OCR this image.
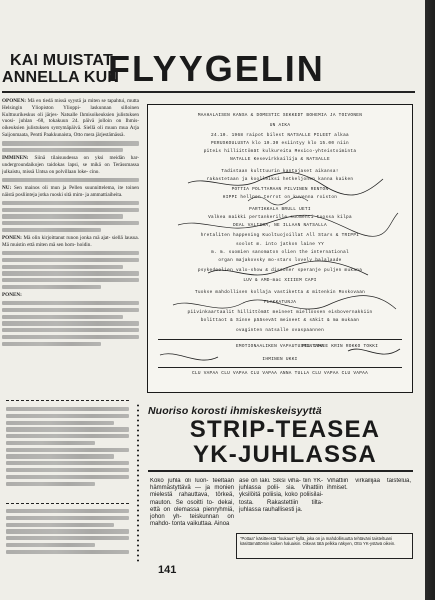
KAI MUISTAT
ANNELLA KUN
FLYYGELIN

OPONEN: Mä en tiedä missä syystä ja miten se tapahtui, mutta Helsingin Yliopiston Ylioppi- laskunnan silloinen Kulttuurikeskus oli järjes- Natsalle Ihmisoikeuksien julistuksen vuosi- juhlan -68, tokakuun 24. päivä jolloin on Ihmis- oikeuksien julistuksen syntymäpäivä. Siellä oli muun mua Arja Saijonmaata, Pentti Paakkunaista, Otto mera järjestämässä.

IMMINEN: Siinä tilaisuudessa on yksi meidän har- undergroundaikojen taidokas lapsi, se mikä on Terässmassa julkaistu, missä Untsa on polvillaan loke- cino.

NU: Sen mainos oli mun ja Pellen suunnittelema, ite toinen näistä posliinteja jotka ruoski sitä mim- ja ammattiaiheita.

PONEN: Mä olin kirjoittanut runon jonka mä ajat- siellä lausua. Mä muistin että miten mä sen hom- hoidin.

PONEN:

MAAHALAISEN KANSA & DOMESTIC SEKKEDT BOHEMIA JA TOIVONEN
UN AIKA
24.10. 1968 raipot bilest NATSALLE PILEET alkaa
PERUSKOULUSTA klo 19.30 esiintyy klo 15.00 niin
piteis hilliittömät kulkureita Mexico-yhteistoiminta
NATALLE Kesevirkkailija & NATSALLE
Tadistaan kulttuurin kantajaset aikansa!
rakastetaan ja koolleiksi hetkeljonen kanna kaiken
POTTIA POLTTAMAAN PILVINEN RENTON
HIPPI hellpen terrot on kuvenna roiston
PARTIKKALA BRULL UETI
Valkea maikki pertankerille suomenti tuossa kilpa
DEAL VALISSA, NE ILLAAN NATSALLA
hretaliten happening Kuoltuojoillat All Stars & TRIPPI
soolot m. into jatkon laine YY
m. m. suomien sanomaton olien the international
organ majakovsky mo-stars lovely balalaade
psykedeelien valo-show & disconer speranje puljen mukana
LUV & AMD-mac XIIIEM CAPI
Tuokse mahdollisen kollaja vastiketta & mitenkin Moskovaan
FLAKKATUNJA
piivinkaartaalit hillittömät meineet mielloosen eisbovernakkiin
bolittaot & Sinne pääsevät meineet & säkit & ma mukaan
ovaginten natsalle ovaspaannen
EMOTIONAALIKEN VAPAUTUSRINTAMA
PEL ISKEE KRIN ROKKO TOKKI
IHMINEN UKKI
CLU VAPAA CLU VAPAA CLU VAPAA ANNA TULLA CLU VAPAA CLU VAPAA
Nuoriso korosti ihmiskeskeisyyttä
STRIP-TEASEA
YK-JUHLASSA
Koko juhla oli luon- teeltaan hämmästyttävä — ja monien mielestä rahauttava, törkeä, mauton. Se osoitti to- dekai, että on olemassa pienryhmiä, johon yh- teiskunnan on mahdo- tonta vaikuttaa. Ainoa
ase on laki. Siksi viha- tiin YK-juhlassa polii- sia. Vihattiin yksilöitä poliisia, koko poliisilai- tosta. Rakastettiin tilta- juhlassa rauhallisesti ja.
Vihattiin virkailijaa taistelua, ihmiset.
"Pottaa" käsitteestä "loukaus" kyllä, joka on ja mahdollisuutta tehtäväni taisteltuani käsittämättömin kaiken haluaisin. Oikeas tätä pelkka näkyen, Otto YK-ystävä oikein.
141
